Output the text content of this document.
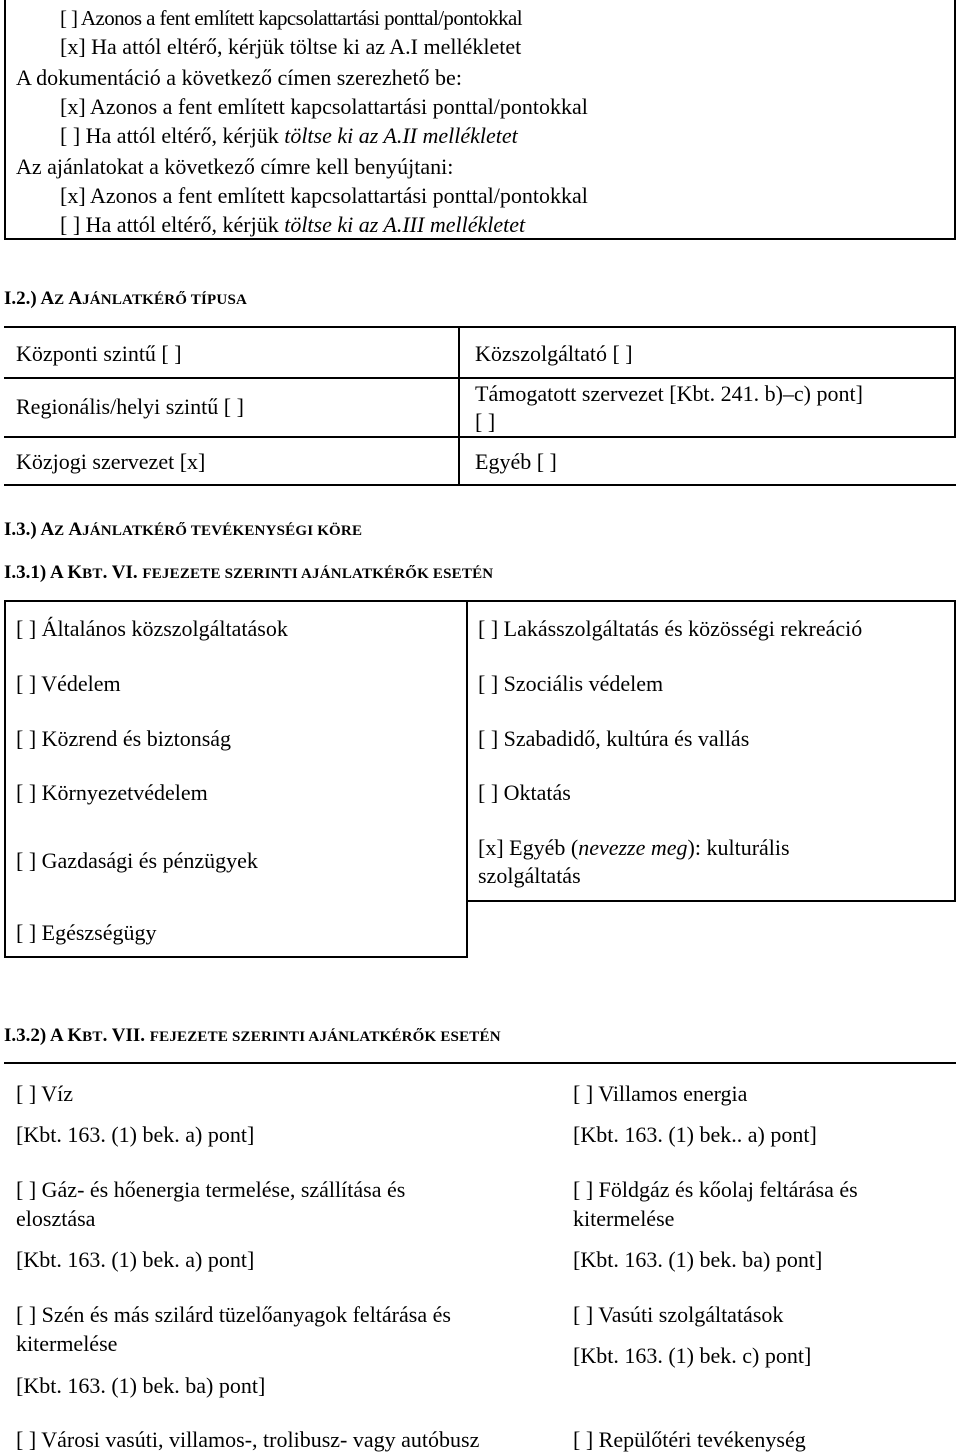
[ ] Azonos a fent említett kapcsolattartási ponttal/pontokkal
[x] Ha attól eltérő, kérjük töltse ki az A.I mellékletet
A dokumentáció a következő címen szerezhető be:
[x] Azonos a fent említett kapcsolattartási ponttal/pontokkal
[ ] Ha attól eltérő, kérjük töltse ki az A.II mellékletet
Az ajánlatokat a következő címre kell benyújtani:
[x] Azonos a fent említett kapcsolattartási ponttal/pontokkal
[ ] Ha attól eltérő, kérjük töltse ki az A.III mellékletet
I.2.) AZ AJÁNLATKÉRŐ TÍPUSA
Központi szintű [ ]
Regionális/helyi szintű [ ]
Közjogi szervezet [x]
Közszolgáltató [ ]
Támogatott szervezet [Kbt. 241. b)–c) pont]
[ ]
Egyéb [ ]
I.3.) AZ AJÁNLATKÉRŐ TEVÉKENYSÉGI KÖRE
I.3.1) A KBT. VI. FEJEZETE SZERINTI AJÁNLATKÉRŐK ESETÉN
[ ] Általános közszolgáltatások
[ ] Védelem
[ ] Közrend és biztonság
[ ] Környezetvédelem
[ ] Gazdasági és pénzügyek
[ ] Egészségügy
[ ] Lakásszolgáltatás és közösségi rekreáció
[ ] Szociális védelem
[ ] Szabadidő, kultúra és vallás
[ ] Oktatás
[x] Egyéb (nevezze meg): kulturális
szolgáltatás
I.3.2) A KBT. VII. FEJEZETE SZERINTI AJÁNLATKÉRŐK ESETÉN
[ ] Víz
[Kbt. 163. (1) bek. a) pont]
[ ] Gáz- és hőenergia termelése, szállítása és
elosztása
[Kbt. 163. (1) bek. a) pont]
[ ] Szén és más szilárd tüzelőanyagok feltárása és
kitermelése
[Kbt. 163. (1) bek. ba) pont]
[ ] Városi vasúti, villamos-, trolibusz- vagy autóbusz
[ ] Villamos energia
[Kbt. 163. (1) bek.. a) pont]
[ ] Földgáz és kőolaj feltárása és
kitermelése
[Kbt. 163. (1) bek. ba) pont]
[ ] Vasúti szolgáltatások
[Kbt. 163. (1) bek. c) pont]
[ ] Repülőtéri tevékenység
